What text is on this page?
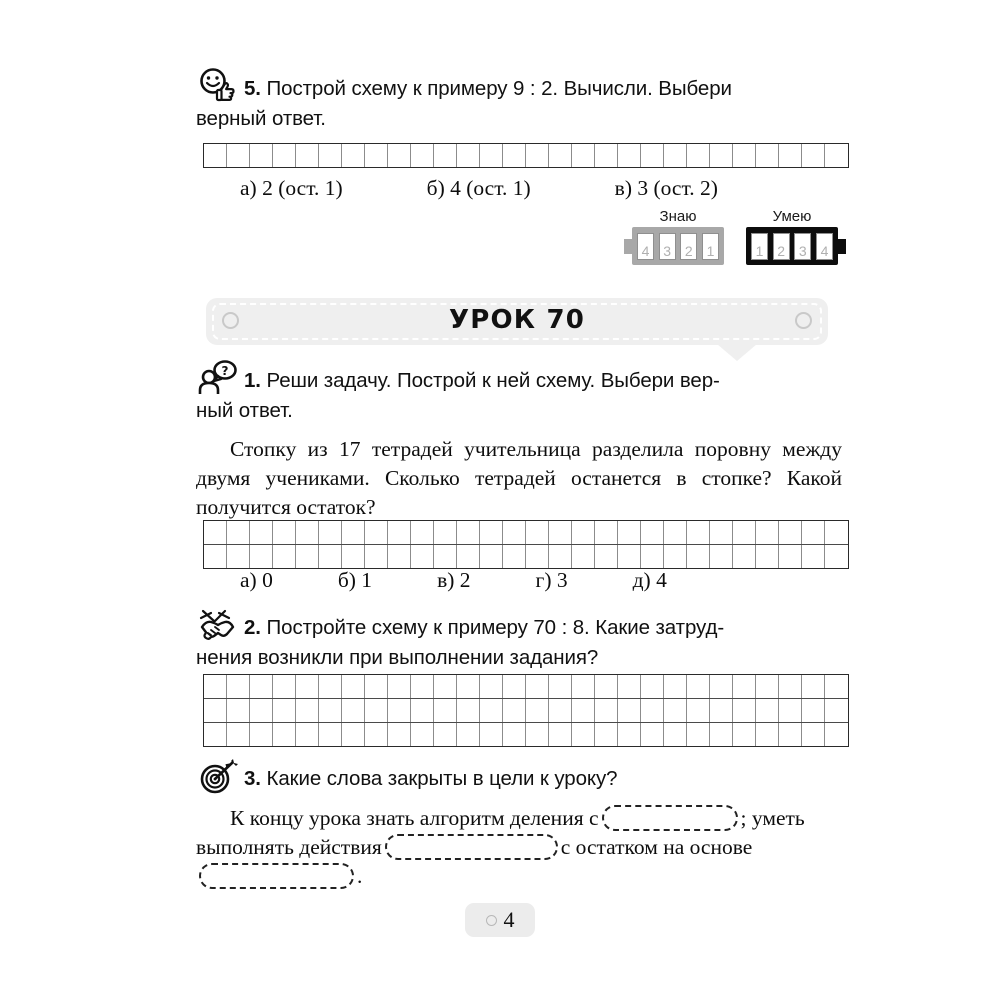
5. Построй схему к примеру 9 : 2. Вычисли. Выбери
верный ответ.
а) 2 (ост. 1)	б) 4 (ост. 1)	в) 3 (ост. 2)
Знаю
4 3 2 1
Умею
1 2 3 4
УРОК 70
? 1. Реши задачу. Построй к ней схему. Выбери вер-
ный ответ.
Стопку из 17 тетрадей учительница разделила поровну между двумя учениками. Сколько тетрадей останется в стопке? Какой получится остаток?
а) 0	б) 1	в) 2	г) 3	д) 4
2. Постройте схему к примеру 70 : 8. Какие затруд-
нения возникли при выполнении задания?
3. Какие слова закрыты в цели к уроку?
К концу урока знать алгоритм деления с	; уметь выполнять действия	с остатком на основе.
4
